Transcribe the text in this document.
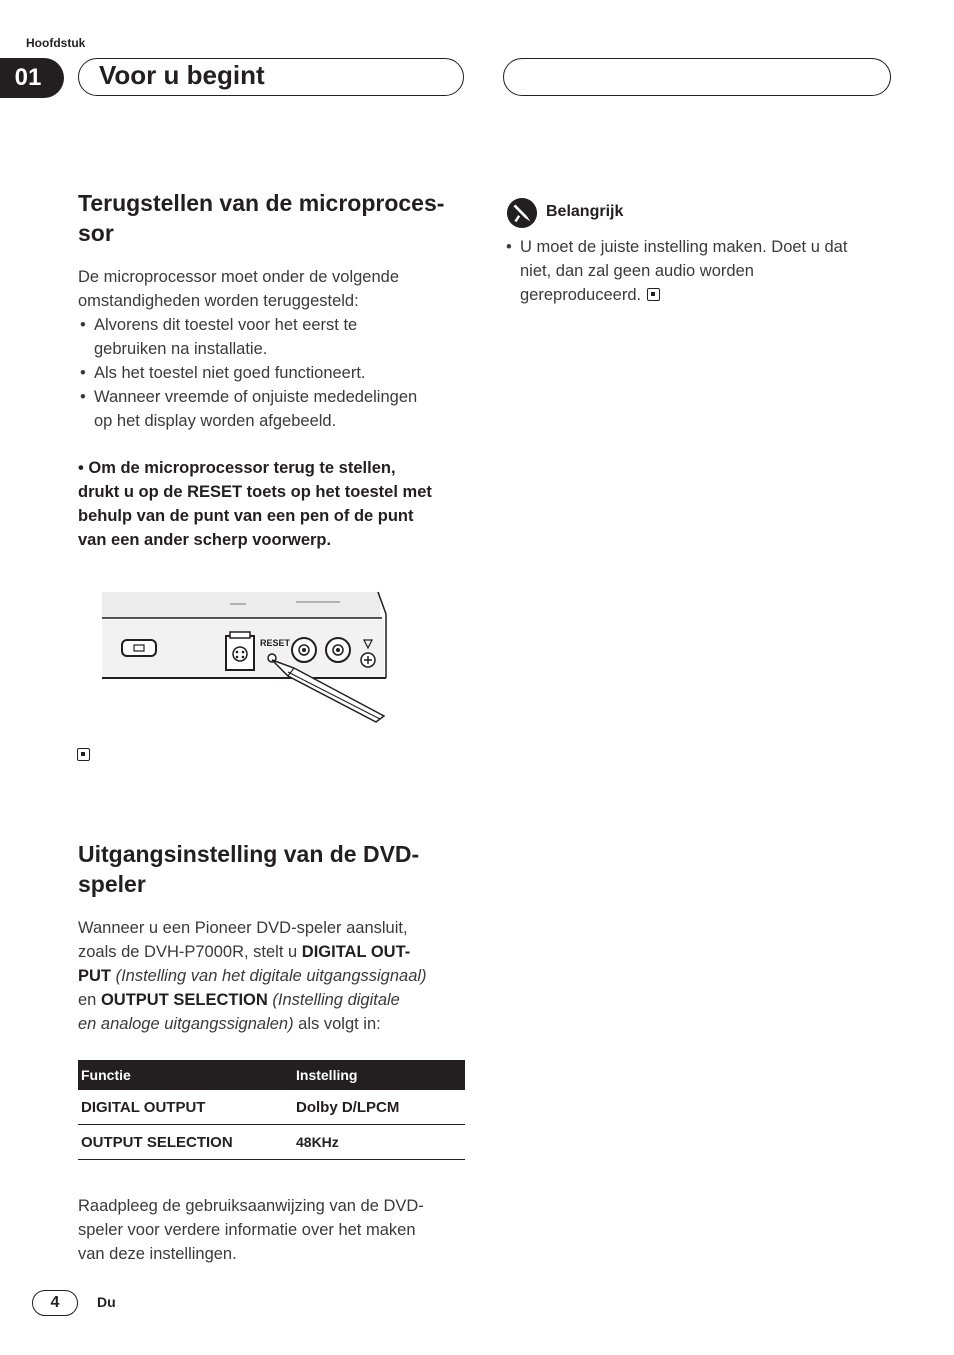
Hoofdstuk
01	Voor u begint
Terugstellen van de microproces-
sor

De microprocessor moet onder de volgende
omstandigheden worden teruggesteld:

• Alvorens dit toestel voor het eerst te
gebruiken na installatie.
• Als het toestel niet goed functioneert.
• Wanneer vreemde of onjuiste mededelingen
op het display worden afgebeeld.
• Om de microprocessor terug te stellen,
drukt u op de RESET toets op het toestel met
behulp van de punt van een pen of de punt
van een ander scherp voorwerp.
RESET
Uitgangsinstelling van de DVD-
speler

Wanneer u een Pioneer DVD-speler aansluit,
zoals de DVH-P7000R, stelt u DIGITAL OUT-
PUT (Instelling van het digitale uitgangssignaal)
en OUTPUT SELECTION (Instelling digitale
en analoge uitgangssignalen) als volgt in:

Functie	Instelling
DIGITAL OUTPUT	Dolby D/LPCM
OUTPUT SELECTION	48KHz

Raadpleeg de gebruiksaanwijzing van de DVD-
speler voor verdere informatie over het maken
van deze instellingen.

Belangrijk
• U moet de juiste instelling maken. Doet u dat
niet, dan zal geen audio worden
gereproduceerd.
4	Du
